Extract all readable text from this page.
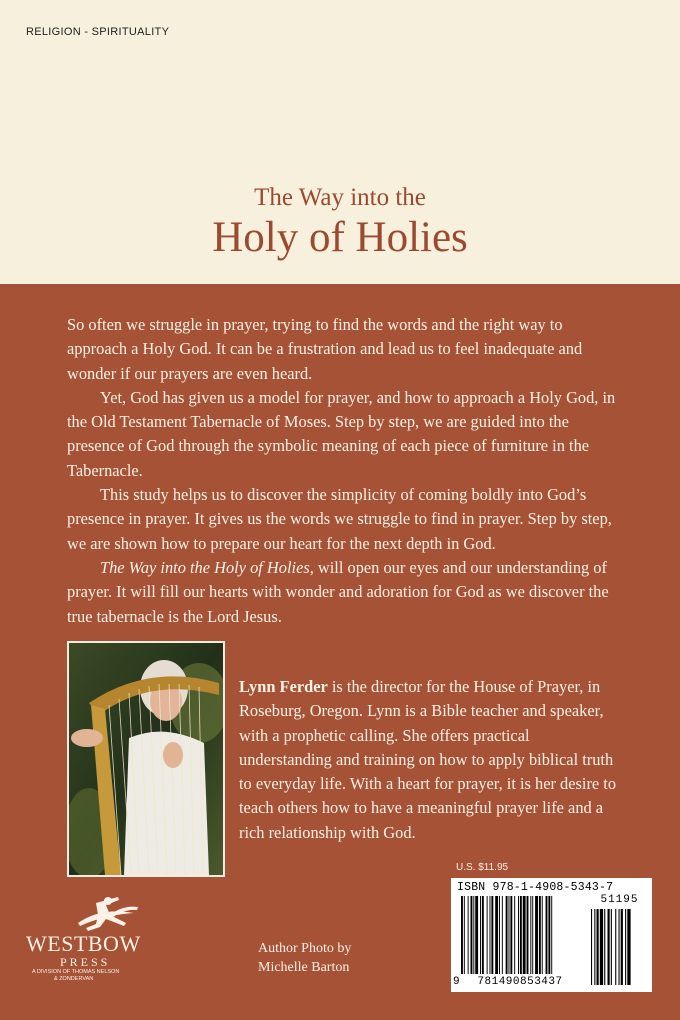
RELIGION - SPIRITUALITY
The Way into the
Holy of Holies

So often we struggle in prayer, trying to find the words and the right way to approach a Holy God. It can be a frustration and lead us to feel inadequate and wonder if our prayers are even heard.

Yet, God has given us a model for prayer, and how to approach a Holy God, in the Old Testament Tabernacle of Moses. Step by step, we are guided into the presence of God through the symbolic meaning of each piece of furniture in the Tabernacle.

This study helps us to discover the simplicity of coming boldly into God’s presence in prayer. It gives us the words we struggle to find in prayer. Step by step, we are shown how to prepare our heart for the next depth in God.

The Way into the Holy of Holies, will open our eyes and our understanding of prayer. It will fill our hearts with wonder and adoration for God as we discover the true tabernacle is the Lord Jesus.

Lynn Ferder is the director for the House of Prayer, in Roseburg, Oregon. Lynn is a Bible teacher and speaker, with a prophetic calling. She offers practical understanding and training on how to apply biblical truth to everyday life. With a heart for prayer, it is her desire to teach others how to have a meaningful prayer life and a rich relationship with God.
WESTBOW
PRESS
A DIVISION OF THOMAS NELSON
& ZONDERVAN
Author Photo by
Michelle Barton
U.S. $11.95
ISBN 978-1-4908-5343-7
51195
9	781490853437
